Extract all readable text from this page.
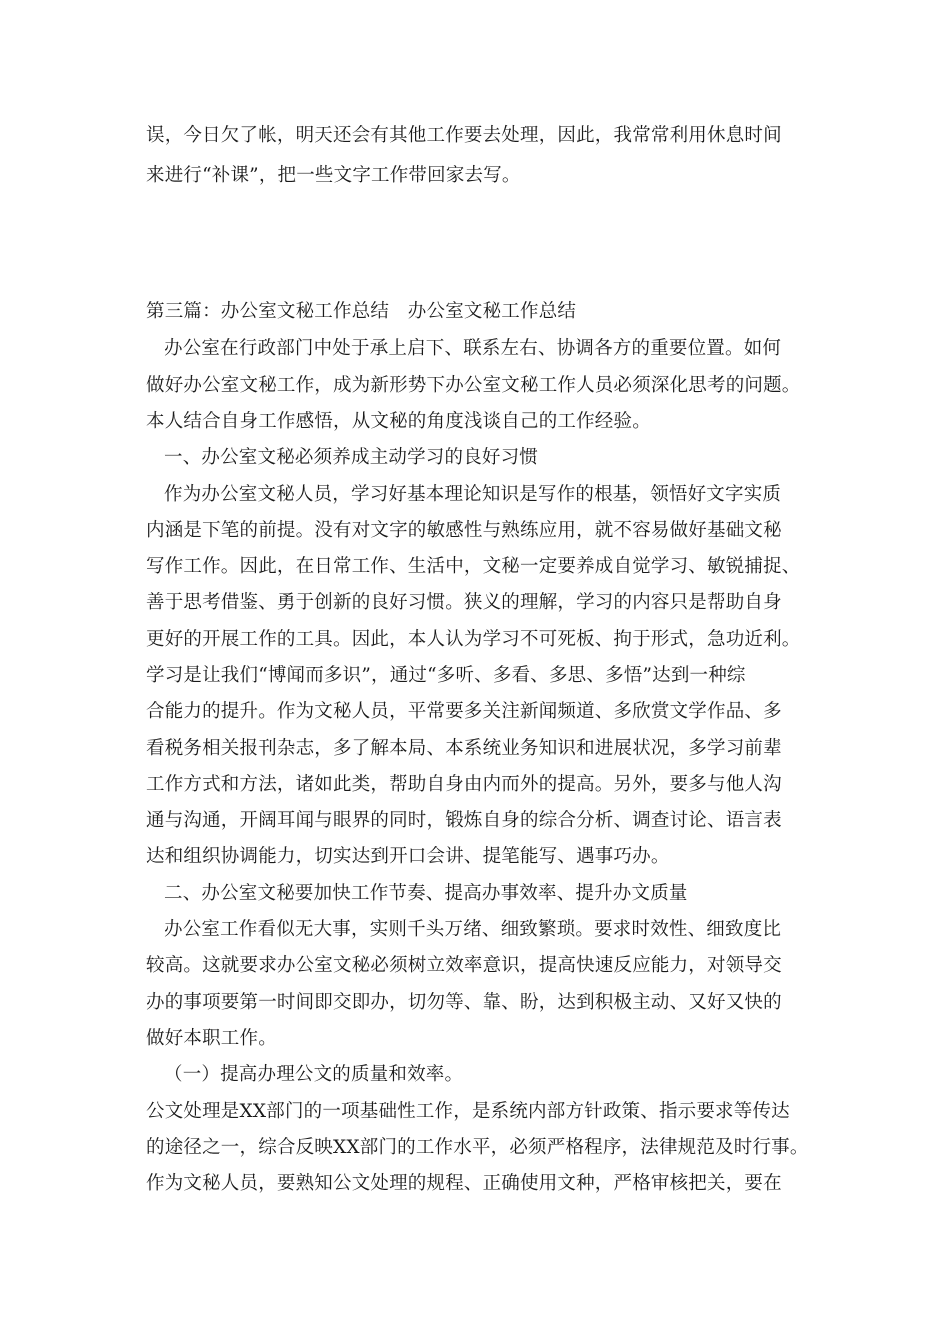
误，今日欠了帐，明天还会有其他工作要去处理，因此，我常常利用休息时间
来进行“补课”，把一些文字工作带回家去写。
第三篇：办公室文秘工作总结　办公室文秘工作总结
办公室在行政部门中处于承上启下、联系左右、协调各方的重要位置。如何
做好办公室文秘工作，成为新形势下办公室文秘工作人员必须深化思考的问题。
本人结合自身工作感悟，从文秘的角度浅谈自己的工作经验。
一、办公室文秘必须养成主动学习的良好习惯
作为办公室文秘人员，学习好基本理论知识是写作的根基，领悟好文字实质
内涵是下笔的前提。没有对文字的敏感性与熟练应用，就不容易做好基础文秘
写作工作。因此，在日常工作、生活中，文秘一定要养成自觉学习、敏锐捕捉、
善于思考借鉴、勇于创新的良好习惯。狭义的理解，学习的内容只是帮助自身
更好的开展工作的工具。因此，本人认为学习不可死板、拘于形式，急功近利。
学习是让我们“博闻而多识”，通过“多听、多看、多思、多悟”达到一种综
合能力的提升。作为文秘人员，平常要多关注新闻频道、多欣赏文学作品、多
看税务相关报刊杂志，多了解本局、本系统业务知识和进展状况，多学习前辈
工作方式和方法，诸如此类，帮助自身由内而外的提高。另外，要多与他人沟
通与沟通，开阔耳闻与眼界的同时，锻炼自身的综合分析、调查讨论、语言表
达和组织协调能力，切实达到开口会讲、提笔能写、遇事巧办。
二、办公室文秘要加快工作节奏、提高办事效率、提升办文质量
办公室工作看似无大事，实则千头万绪、细致繁琐。要求时效性、细致度比
较高。这就要求办公室文秘必须树立效率意识，提高快速反应能力，对领导交
办的事项要第一时间即交即办，切勿等、靠、盼，达到积极主动、又好又快的
做好本职工作。
（一）提高办理公文的质量和效率。
公文处理是XX部门的一项基础性工作，是系统内部方针政策、指示要求等传达
的途径之一，综合反映XX部门的工作水平，必须严格程序，法律规范及时行事。
作为文秘人员，要熟知公文处理的规程、正确使用文种，严格审核把关，要在
